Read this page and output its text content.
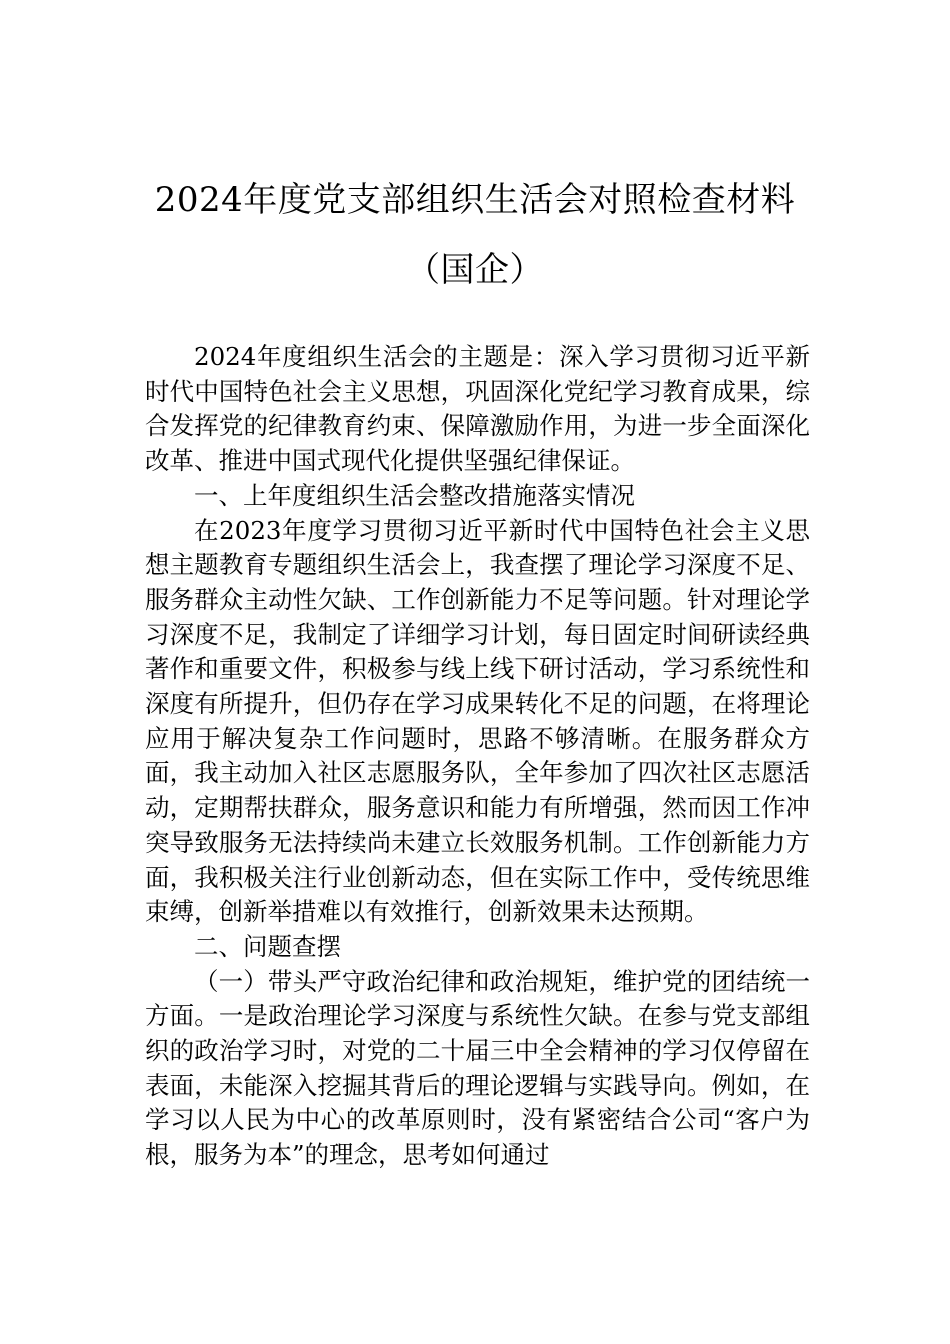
2024年度党支部组织生活会对照检查材料
（国企）

2024年度组织生活会的主题是：深入学习贯彻习近平新时代中国特色社会主义思想，巩固深化党纪学习教育成果，综合发挥党的纪律教育约束、保障激励作用，为进一步全面深化改革、推进中国式现代化提供坚强纪律保证。

一、上年度组织生活会整改措施落实情况

在2023年度学习贯彻习近平新时代中国特色社会主义思想主题教育专题组织生活会上，我查摆了理论学习深度不足、服务群众主动性欠缺、工作创新能力不足等问题。针对理论学习深度不足，我制定了详细学习计划，每日固定时间研读经典著作和重要文件，积极参与线上线下研讨活动，学习系统性和深度有所提升，但仍存在学习成果转化不足的问题，在将理论应用于解决复杂工作问题时，思路不够清晰。在服务群众方面，我主动加入社区志愿服务队，全年参加了四次社区志愿活动，定期帮扶群众，服务意识和能力有所增强，然而因工作冲突导致服务无法持续尚未建立长效服务机制。工作创新能力方面，我积极关注行业创新动态，但在实际工作中，受传统思维束缚，创新举措难以有效推行，创新效果未达预期。

二、问题查摆

（一）带头严守政治纪律和政治规矩，维护党的团结统一方面。一是政治理论学习深度与系统性欠缺。在参与党支部组织的政治学习时，对党的二十届三中全会精神的学习仅停留在表面，未能深入挖掘其背后的理论逻辑与实践导向。例如，在学习以人民为中心的改革原则时，没有紧密结合公司“客户为根，服务为本”的理念，思考如何通过
